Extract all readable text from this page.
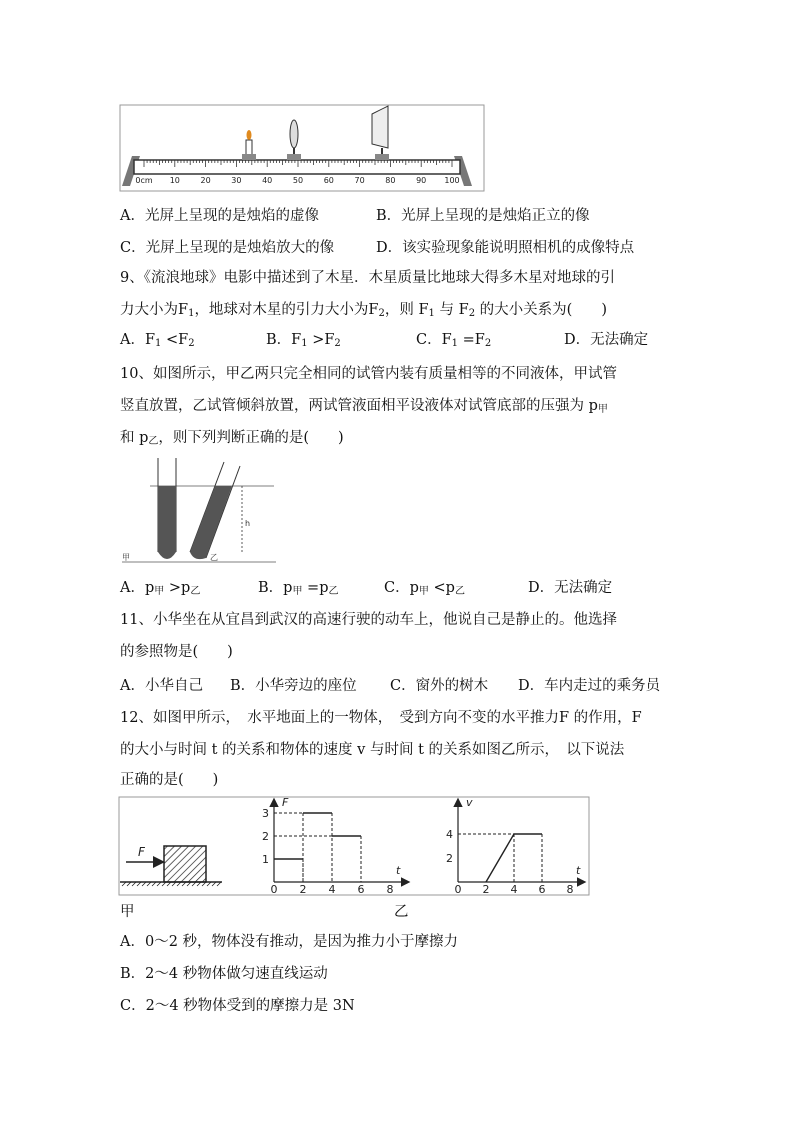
0cm 10	20	30	40	50	60	70	80	90 100
A．光屏上呈现的是烛焰的虚像	B．光屏上呈现的是烛焰正立的像
C．光屏上呈现的是烛焰放大的像	D．该实验现象能说明照相机的成像特点
9、《流浪地球》电影中描述到了木星．木星质量比地球大得多木星对地球的引
力大小为$F_1$，地球对木星的引力大小为$F_2$，则 $F_1$ 与 $F_2$ 的大小关系为(　　)
A．$F_1 <F_2$	B．$F_1 >F_2$	C．$F_1 =F_2$	D．无法确定
10、如图所示，甲乙两只完全相同的试管内装有质量相等的不同液体，甲试管
竖直放置，乙试管倾斜放置，两试管液面相平设液体对试管底部的压强为 $p_甲$
和 $p_乙$，则下列判断正确的是(　　)
h
甲	乙
A．$p_甲 >p_乙$	B．$p_甲 =p_乙$	C．$p_甲 <p_乙$	D．无法确定
11、小华坐在从宜昌到武汉的高速行驶的动车上，他说自己是静止的。他选择
的参照物是(　　)
A．小华自己 B．小华旁边的座位 C．窗外的树木 D．车内走过的乘务员
12、如图甲所示，　水平地面上的一物体，　受到方向不变的水平推力F 的作用，F
的大小与时间 t 的关系和物体的速度 v 与时间 t 的关系如图乙所示，　以下说法
正确的是(　　)
F
F
t
0 2 4 6 8
1
2
3
v
t
0 2 4 6 8
2
4
甲	乙
A．0～2 秒，物体没有推动，是因为推力小于摩擦力
B．2～4 秒物体做匀速直线运动
C．2～4 秒物体受到的摩擦力是 3N
